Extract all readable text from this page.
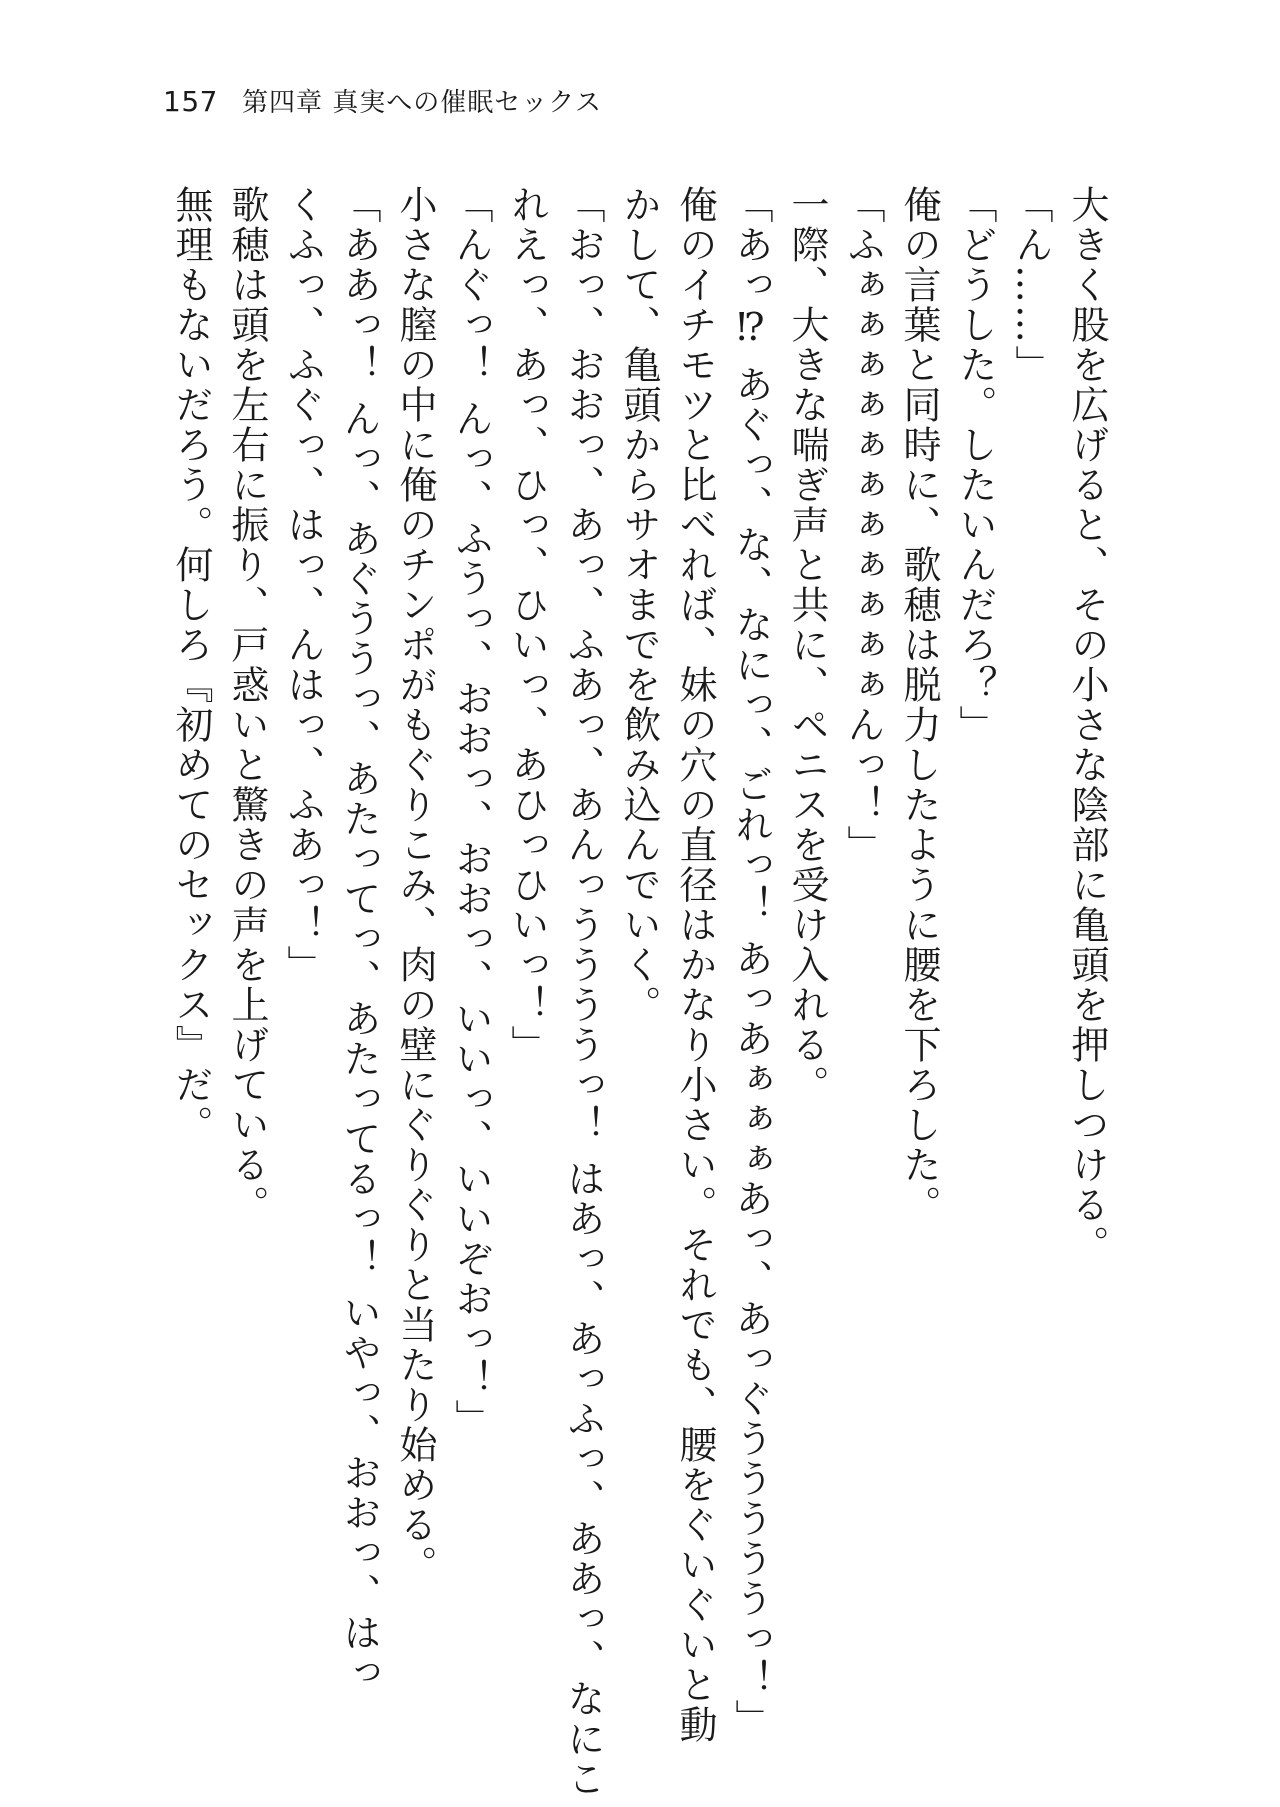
157 第四章 真実への催眠セックス
大きく股を広げると、その小さな陰部に亀頭を押しつける。
「ん……」
「どうした。したいんだろ？」
俺の言葉と同時に、歌穂は脱力したように腰を下ろした。
「ふぁぁぁぁぁぁぁぁぁぁぁんっ！」
一際、大きな喘ぎ声と共に、ペニスを受け入れる。
「あっ⁉ あぐっ、な、なにっ、ごれっ！ あっあぁぁぁあっ、あっぐうううううっ！」
俺のイチモツと比べれば、妹の穴の直径はかなり小さい。それでも、腰をぐいぐいと動
かして、亀頭からサオまでを飲み込んでいく。
「おっ、おおっ、あっ、ふあっ、あんっううううっ！ はあっ、あっふっ、ああっ、なにこ
れえっ、あっ、ひっ、ひいっ、あひっひいっ！」
「んぐっ！ んっ、ふうっ、おおっ、おおっ、いいっ、いいぞおっ！」
小さな膣の中に俺のチンポがもぐりこみ、肉の壁にぐりぐりと当たり始める。
「ああっ！ んっ、あぐううっ、あたってっ、あたってるっ！ いやっ、おおっ、はっ
くふっ、ふぐっ、はっ、んはっ、ふあっ！」
歌穂は頭を左右に振り、戸惑いと驚きの声を上げている。
無理もないだろう。何しろ『初めてのセックス』だ。
